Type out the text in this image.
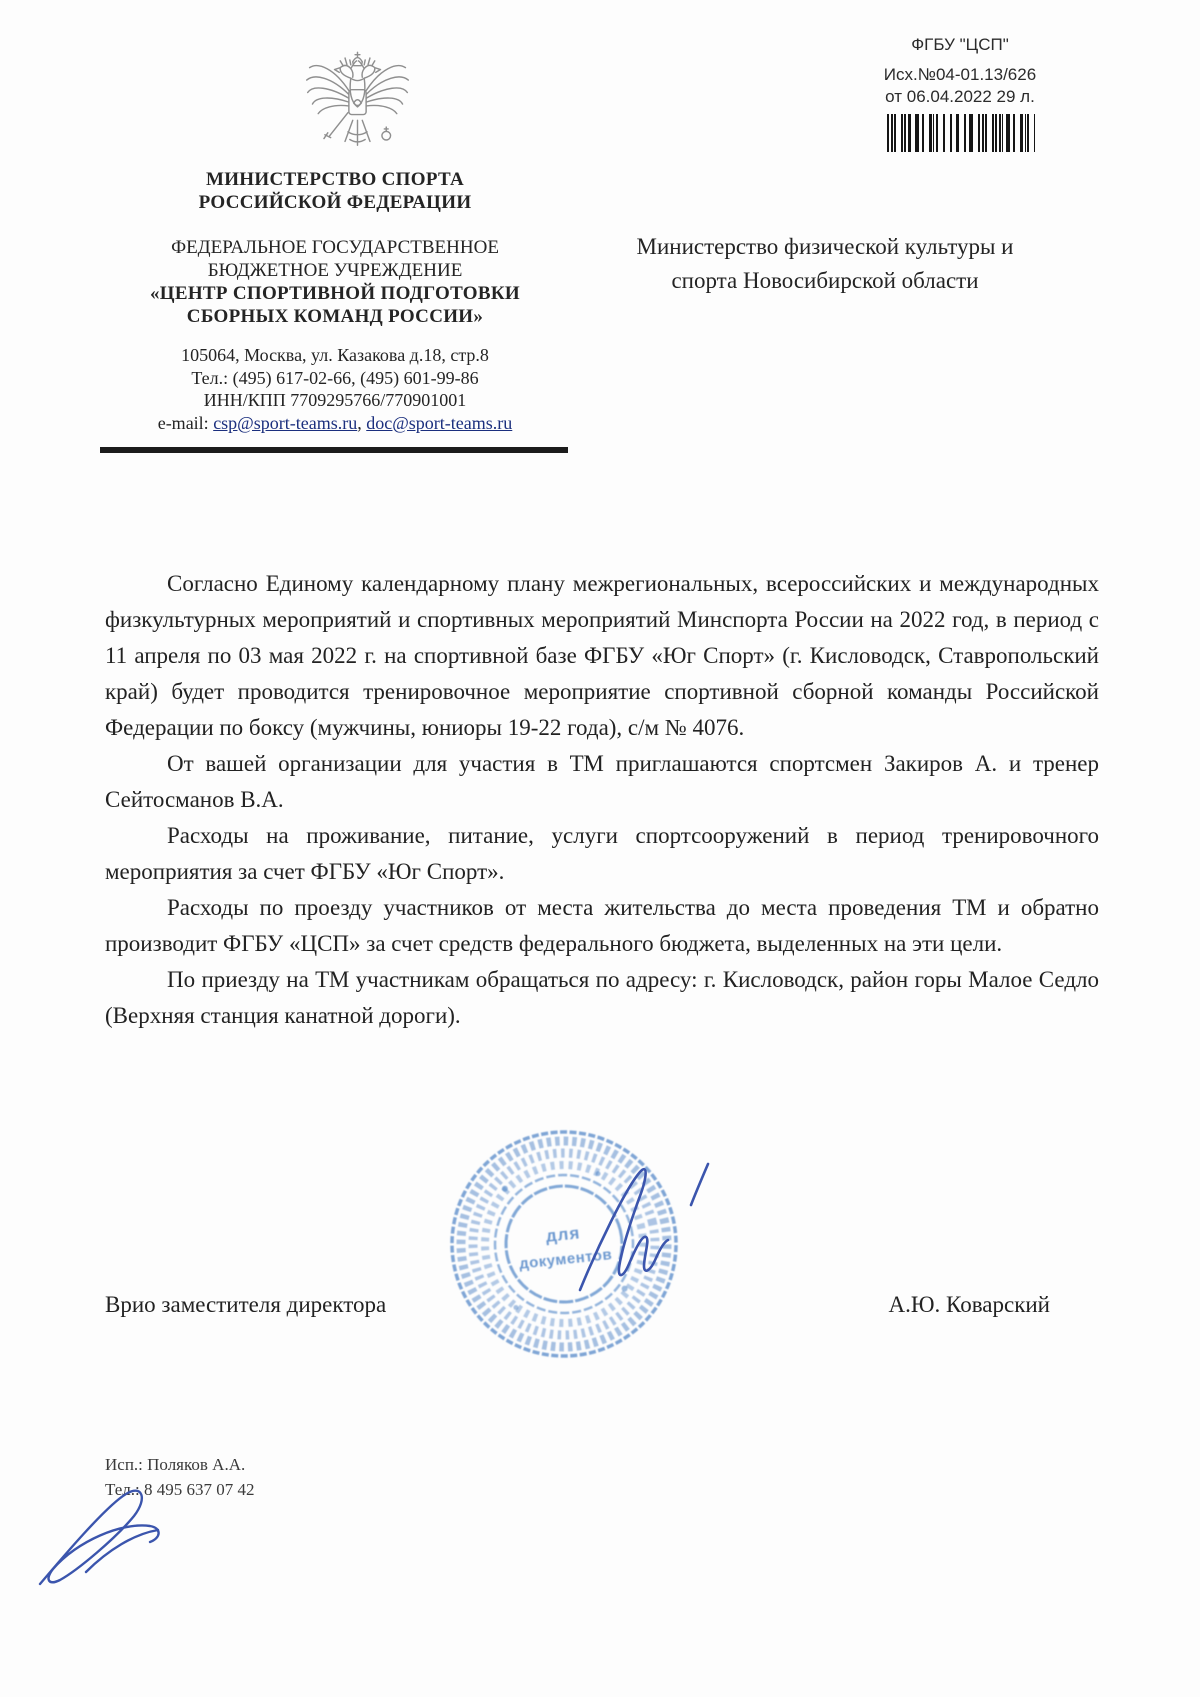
ФГБУ "ЦСП"
Исх.№04-01.13/626
от 06.04.2022 29 л.
МИНИСТЕРСТВО СПОРТА
РОССИЙСКОЙ ФЕДЕРАЦИИ
ФЕДЕРАЛЬНОЕ ГОСУДАРСТВЕННОЕ
БЮДЖЕТНОЕ УЧРЕЖДЕНИЕ
«ЦЕНТР СПОРТИВНОЙ ПОДГОТОВКИ
СБОРНЫХ КОМАНД РОССИИ»
105064, Москва, ул. Казакова д.18, стр.8
Тел.: (495) 617-02-66, (495) 601-99-86
ИНН/КПП 7709295766/770901001
e-mail: csp@sport-teams.ru, doc@sport-teams.ru
Министерство физической культуры и
спорта Новосибирской области

Согласно Единому календарному плану межрегиональных, всероссийских и международных физкультурных мероприятий и спортивных мероприятий Минспорта России на 2022 год, в период с 11 апреля по 03 мая 2022 г. на спортивной базе ФГБУ «Юг Спорт» (г. Кисловодск, Ставропольский край) будет проводится тренировочное мероприятие спортивной сборной команды Российской Федерации по боксу (мужчины, юниоры 19-22 года), с/м № 4076.

От вашей организации для участия в ТМ приглашаются спортсмен Закиров А. и тренер Сейтосманов В.А.

Расходы на проживание, питание, услуги спортсооружений в период тренировочного мероприятия за счет ФГБУ «Юг Спорт».

Расходы по проезду участников от места жительства до места проведения ТМ и обратно производит ФГБУ «ЦСП» за счет средств федерального бюджета, выделенных на эти цели.

По приезду на ТМ участникам обращаться по адресу: г. Кисловодск, район горы Малое Седло (Верхняя станция канатной дороги).

Врио заместителя директора	А.Ю. Коварский
для
документов
Исп.: Поляков А.А.
Тел.: 8 495 637 07 42
